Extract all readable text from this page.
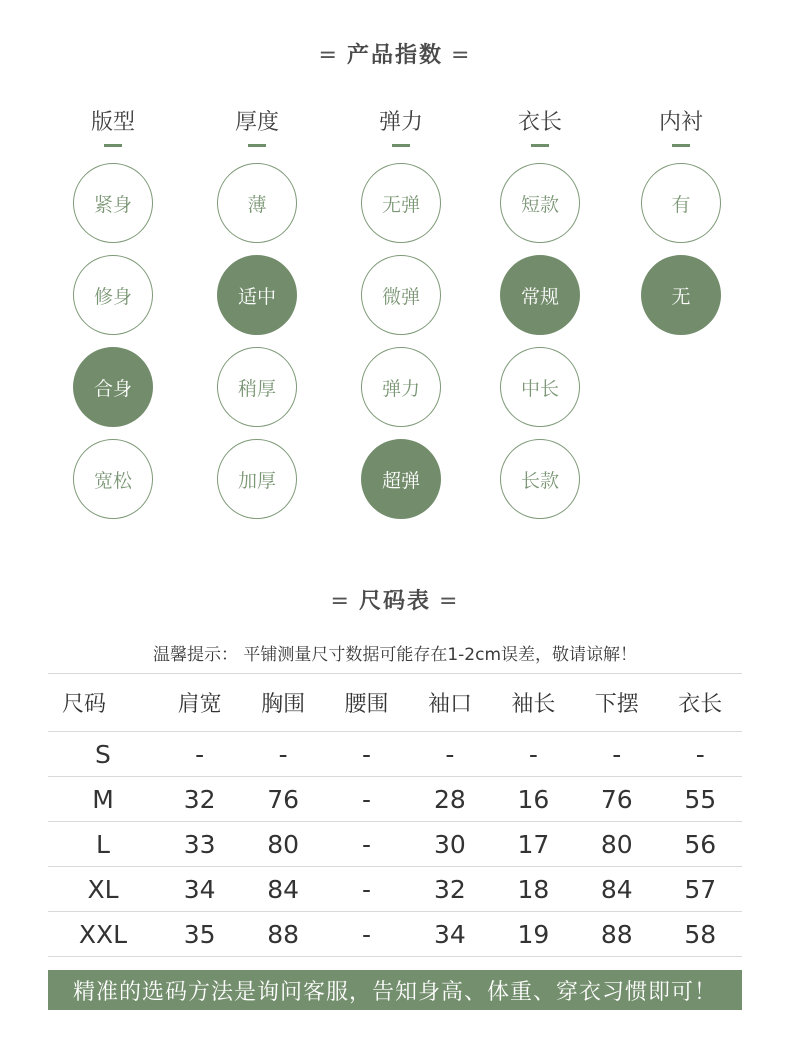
= 产品指数 =
版型
紧身
修身
合身
宽松
厚度
薄
适中
稍厚
加厚
弹力
无弹
微弹
弹力
超弹
衣长
短款
常规
中长
长款
内衬
有
无
= 尺码表 =
温馨提示： 平铺测量尺寸数据可能存在1-2cm误差，敬请谅解！
尺码	肩宽	胸围	腰围	袖口	袖长	下摆	衣长
S	-	-	-	-	-	-	-
M	32	76	-	28	16	76	55
L	33	80	-	30	17	80	56
XL	34	84	-	32	18	84	57
XXL	35	88	-	34	19	88	58
精准的选码方法是询问客服，告知身高、体重、穿衣习惯即可！
